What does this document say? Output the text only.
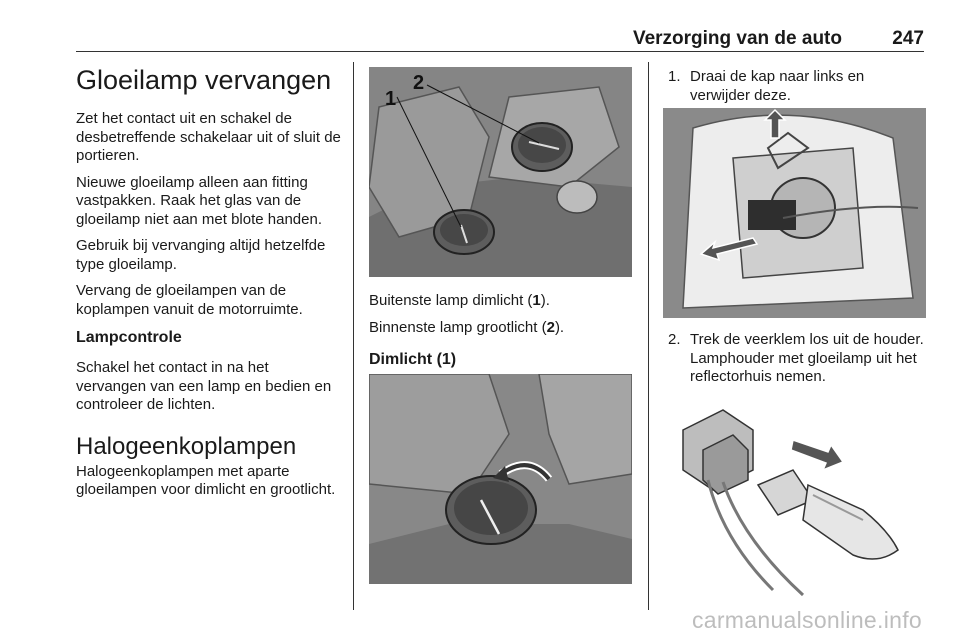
Verzorging van de auto	247
Gloeilamp vervangen

Zet het contact uit en schakel de desbetreffende schakelaar uit of sluit de portieren.

Nieuwe gloeilamp alleen aan fitting vastpakken. Raak het glas van de gloeilamp niet aan met blote handen.

Gebruik bij vervanging altijd hetzelfde type gloeilamp.

Vervang de gloeilampen van de koplampen vanuit de motorruimte.

Lampcontrole

Schakel het contact in na het vervangen van een lamp en bedien en controleer de lichten.

Halogeenkoplampen

Halogeenkoplampen met aparte gloeilampen voor dimlicht en grootlicht.

1
2

Buitenste lamp dimlicht (1).

Binnenste lamp grootlicht (2).

Dimlicht (1)
1. Draai de kap naar links en verwijder deze.
2. Trek de veerklem los uit de houder. Lamphouder met gloeilamp uit het reflectorhuis nemen.
carmanualsonline.info
